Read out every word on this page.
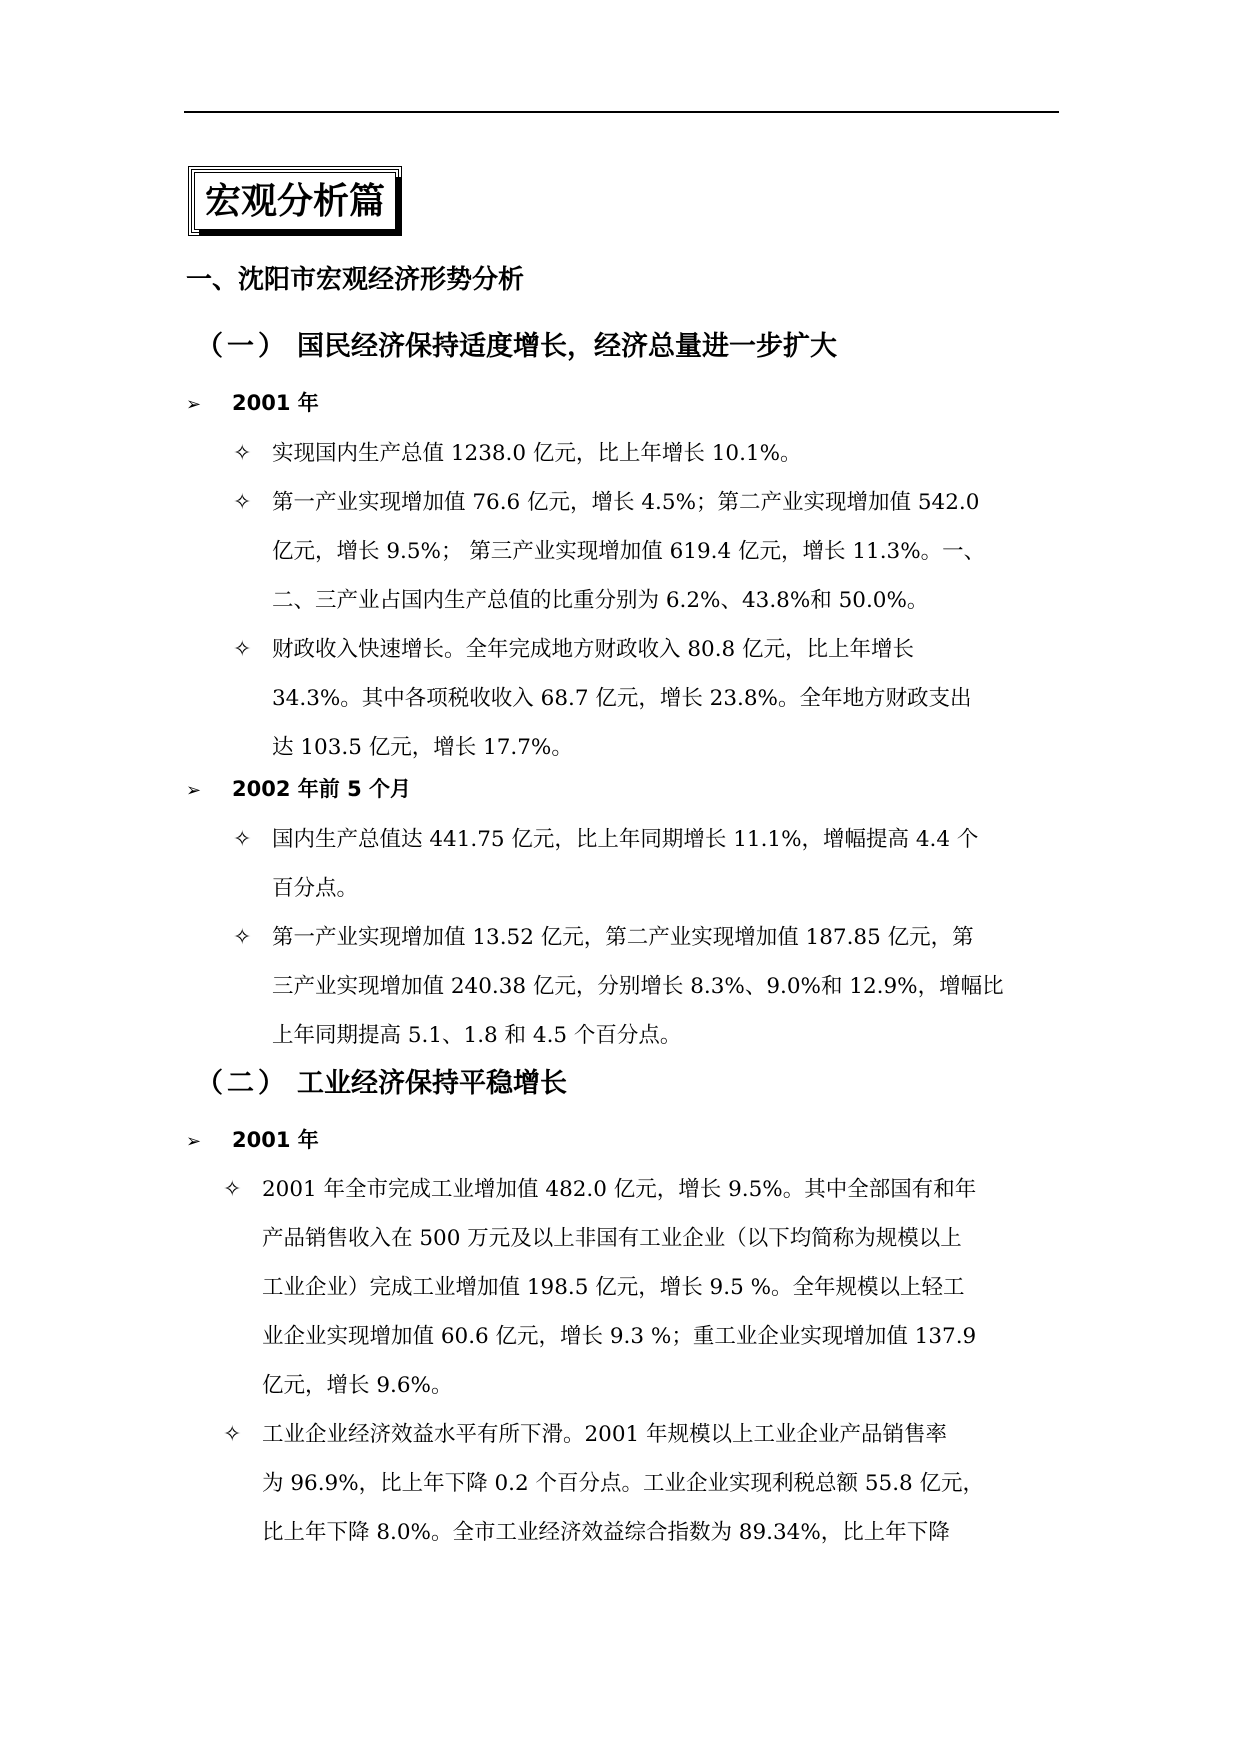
宏观分析篇
一、沈阳市宏观经济形势分析
（一） 国民经济保持适度增长，经济总量进一步扩大
➢ 2001 年
✧ 实现国内生产总值 1238.0 亿元，比上年增长 10.1%。

✧ 第一产业实现增加值 76.6 亿元，增长 4.5%；第二产业实现增加值 542.0

亿元，增长 9.5%； 第三产业实现增加值 619.4 亿元，增长 11.3%。一、

二、三产业占国内生产总值的比重分别为 6.2%、43.8%和 50.0%。

✧ 财政收入快速增长。全年完成地方财政收入 80.8 亿元，比上年增长

34.3%。其中各项税收收入 68.7 亿元，增长 23.8%。全年地方财政支出

达 103.5 亿元，增长 17.7%。

➢ 2002 年前 5 个月
✧ 国内生产总值达 441.75 亿元，比上年同期增长 11.1%，增幅提高 4.4 个

百分点。

✧ 第一产业实现增加值 13.52 亿元，第二产业实现增加值 187.85 亿元，第

三产业实现增加值 240.38 亿元，分别增长 8.3%、9.0%和 12.9%，增幅比

上年同期提高 5.1、1.8 和 4.5 个百分点。

（二） 工业经济保持平稳增长
➢ 2001 年
✧ 2001 年全市完成工业增加值 482.0 亿元，增长 9.5%。其中全部国有和年

产品销售收入在 500 万元及以上非国有工业企业（以下均简称为规模以上

工业企业）完成工业增加值 198.5 亿元，增长 9.5 %。全年规模以上轻工

业企业实现增加值 60.6 亿元，增长 9.3 %；重工业企业实现增加值 137.9

亿元，增长 9.6%。

✧ 工业企业经济效益水平有所下滑。2001 年规模以上工业企业产品销售率

为 96.9%，比上年下降 0.2 个百分点。工业企业实现利税总额 55.8 亿元，

比上年下降 8.0%。全市工业经济效益综合指数为 89.34%，比上年下降
